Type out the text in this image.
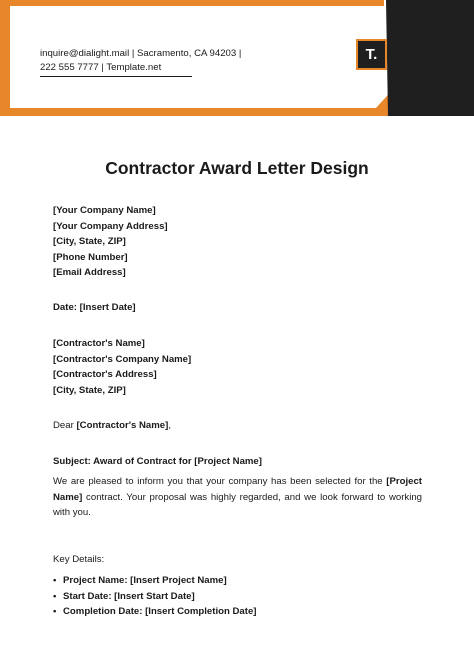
inquire@dialight.mail | Sacramento, CA 94203 |
222 555 7777 | Template.net
T.
Contractor Award Letter Design
[Your Company Name]
[Your Company Address]
[City, State, ZIP]
[Phone Number]
[Email Address]
Date: [Insert Date]
[Contractor's Name]
[Contractor's Company Name]
[Contractor's Address]
[City, State, ZIP]
Dear [Contractor's Name],
Subject: Award of Contract for [Project Name]
We are pleased to inform you that your company has been selected for the [Project Name] contract. Your proposal was highly regarded, and we look forward to working with you.
Key Details:
• Project Name: [Insert Project Name]
• Start Date: [Insert Start Date]
• Completion Date: [Insert Completion Date]
